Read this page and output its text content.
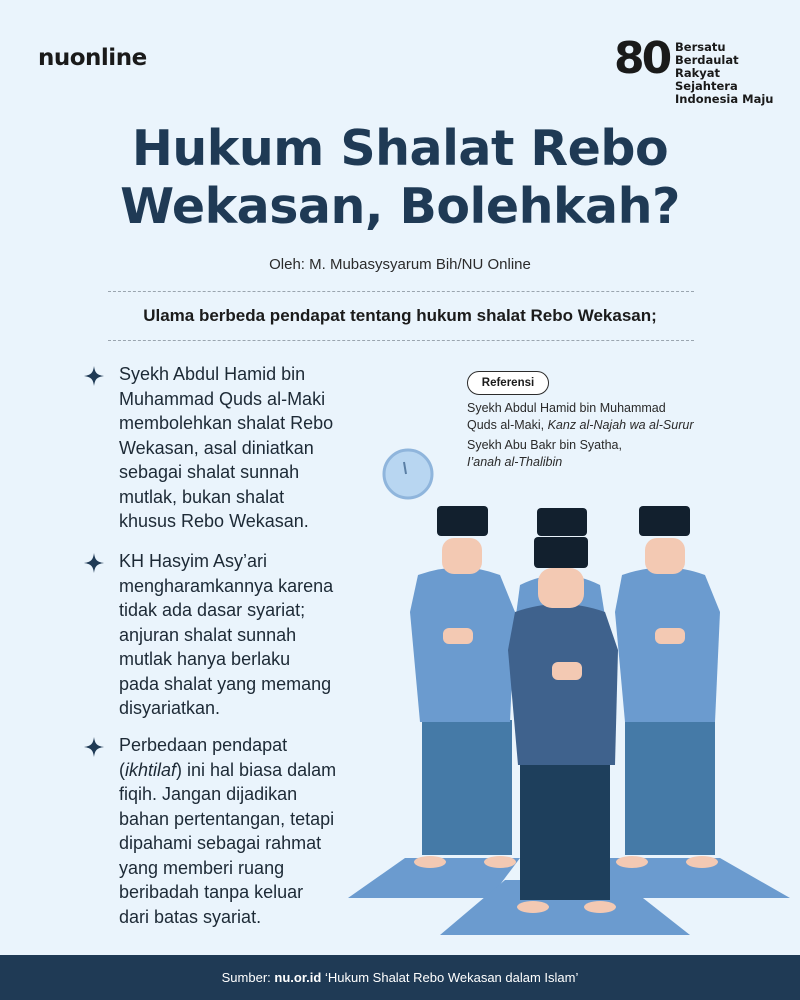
nuonline	80 Bersatu Berdaulat
Rakyat Sejahtera
Indonesia Maju
Hukum Shalat Rebo
Wekasan, Bolehkah?
Oleh: M. Mubasysyarum Bih/NU Online
Ulama berbeda pendapat tentang hukum shalat Rebo Wekasan;
Syekh Abdul Hamid bin
Muhammad Quds al-Maki
membolehkan shalat Rebo
Wekasan, asal diniatkan
sebagai shalat sunnah
mutlak, bukan shalat
khusus Rebo Wekasan.
KH Hasyim Asy’ari
mengharamkannya karena
tidak ada dasar syariat;
anjuran shalat sunnah
mutlak hanya berlaku
pada shalat yang memang
disyariatkan.
Perbedaan pendapat
(ikhtilaf) ini hal biasa dalam
fiqih. Jangan dijadikan
bahan pertentangan, tetapi
dipahami sebagai rahmat
yang memberi ruang
beribadah tanpa keluar
dari batas syariat.
Referensi
Syekh Abdul Hamid bin Muhammad
Quds al-Maki, Kanz al-Najah wa al-Surur
Syekh Abu Bakr bin Syatha,
I’anah al-Thalibin
Sumber: nu.or.id ‘Hukum Shalat Rebo Wekasan dalam Islam’
